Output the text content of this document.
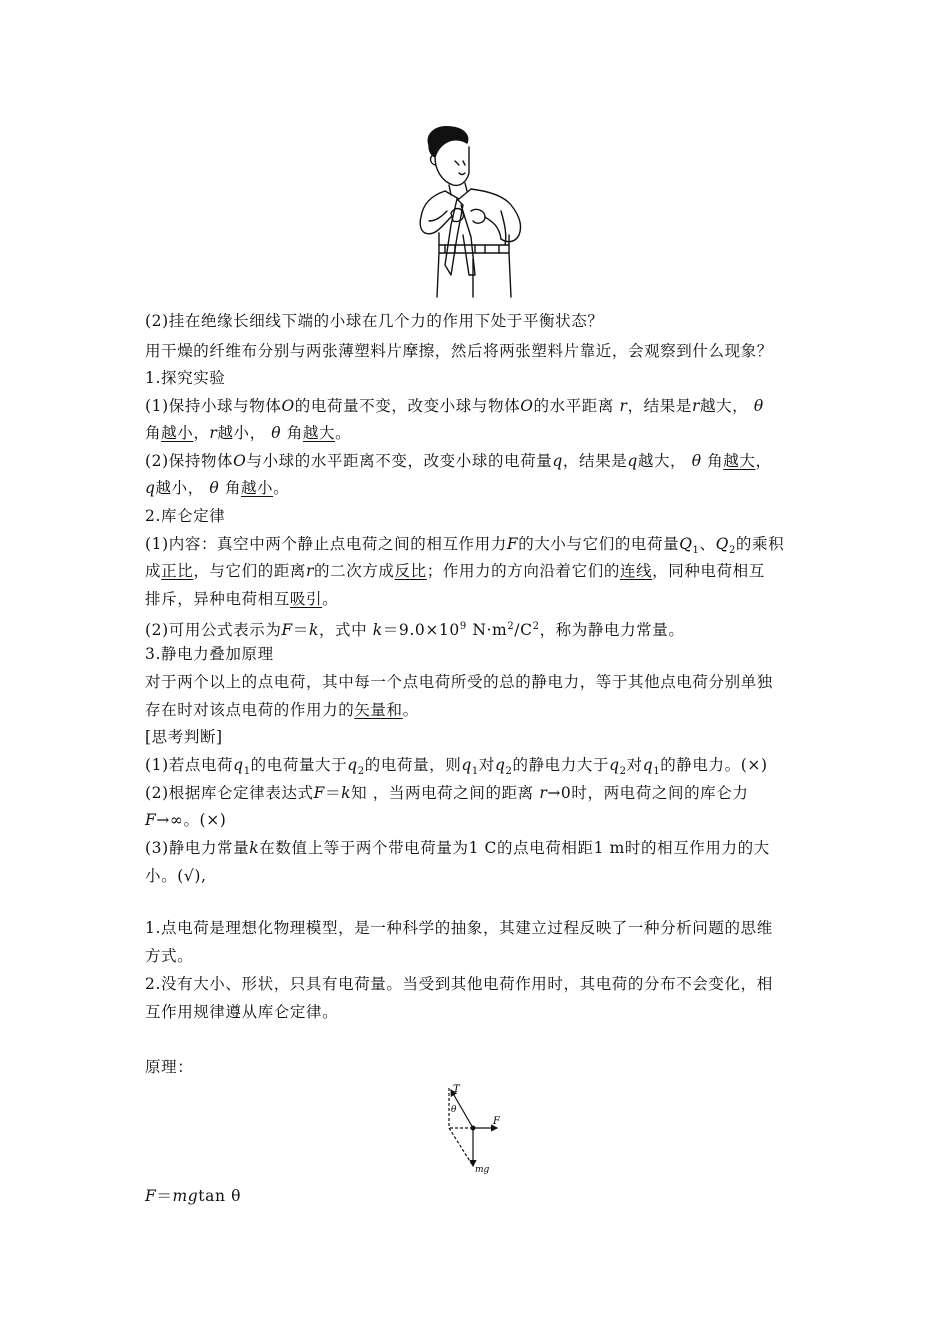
(2)挂在绝缘长细线下端的小球在几个力的作用下处于平衡状态？
用干燥的纤维布分别与两张薄塑料片摩擦，然后将两张塑料片靠近，会观察到什么现象？
1.探究实验
(1)保持小球与物体O的电荷量不变，改变小球与物体O的水平距离 r，结果是r越大， θ
角越小，r越小， θ 角越大。
(2)保持物体O与小球的水平距离不变，改变小球的电荷量q，结果是q越大， θ 角越大，
q越小， θ 角越小。
2.库仑定律
(1)内容：真空中两个静止点电荷之间的相互作用力F的大小与它们的电荷量$Q_1$、$Q_2$的乘积
成正比，与它们的距离r的二次方成反比；作用力的方向沿着它们的连线，同种电荷相互
排斥，异种电荷相互吸引。
(2)可用公式表示为F＝k，式中 $k=9.0\times 10^9$ $N\cdot m^2/C^2$，称为静电力常量。
3.静电力叠加原理
对于两个以上的点电荷，其中每一个点电荷所受的总的静电力，等于其他点电荷分别单独
存在时对该点电荷的作用力的矢量和。
[思考判断]
(1)若点电荷$q_1$的电荷量大于$q_2$的电荷量，则$q_1$对$q_2$的静电力大于$q_2$对$q_1$的静电力。(×)
(2)根据库仑定律表达式F＝k知 ，当两电荷之间的距离 r→0时，两电荷之间的库仑力
F→∞。(×)
(3)静电力常量k在数值上等于两个带电荷量为1 C的点电荷相距1 m时的相互作用力的大
小。(√),
1.点电荷是理想化物理模型，是一种科学的抽象，其建立过程反映了一种分析问题的思维
方式。
2.没有大小、形状，只具有电荷量。当受到其他电荷作用时，其电荷的分布不会变化，相
互作用规律遵从库仑定律。
原理：
T
θ
F
mg
F＝mgtan θ
